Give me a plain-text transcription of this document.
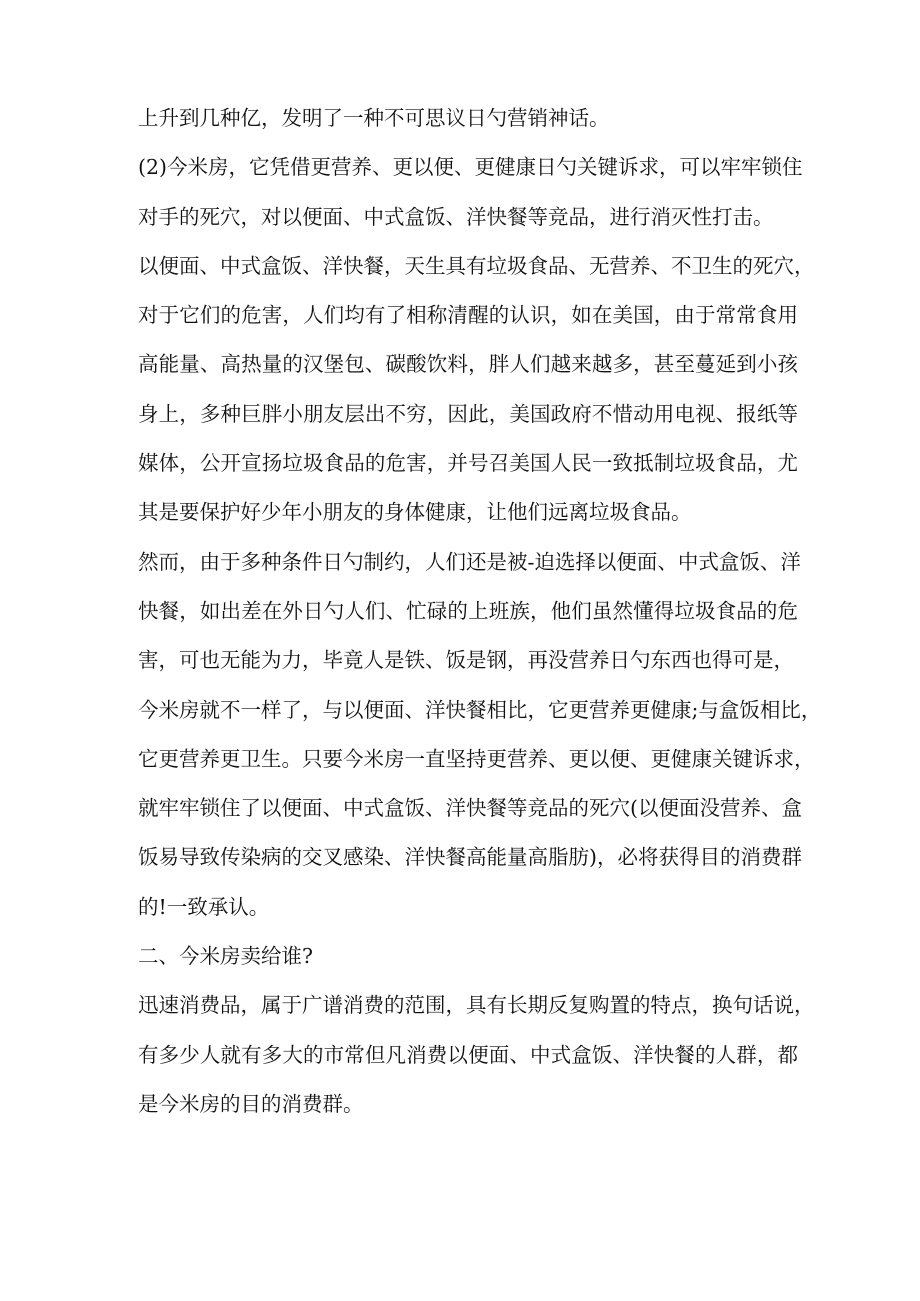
上升到几种亿，发明了一种不可思议日勺营销神话。
(2)今米房，它凭借更营养、更以便、更健康日勺关键诉求，可以牢牢锁住
对手的死穴，对以便面、中式盒饭、洋快餐等竞品，进行消灭性打击。
以便面、中式盒饭、洋快餐，天生具有垃圾食品、无营养、不卫生的死穴，
对于它们的危害，人们均有了相称清醒的认识，如在美国，由于常常食用
高能量、高热量的汉堡包、碳酸饮料，胖人们越来越多，甚至蔓延到小孩
身上，多种巨胖小朋友层出不穷，因此，美国政府不惜动用电视、报纸等
媒体，公开宣扬垃圾食品的危害，并号召美国人民一致抵制垃圾食品，尤
其是要保护好少年小朋友的身体健康，让他们远离垃圾食品。
然而，由于多种条件日勺制约，人们还是被-迫选择以便面、中式盒饭、洋
快餐，如出差在外日勺人们、忙碌的上班族，他们虽然懂得垃圾食品的危
害，可也无能为力，毕竟人是铁、饭是钢，再没营养日勺东西也得可是，
今米房就不一样了，与以便面、洋快餐相比，它更营养更健康;与盒饭相比，
它更营养更卫生。只要今米房一直坚持更营养、更以便、更健康关键诉求，
就牢牢锁住了以便面、中式盒饭、洋快餐等竞品的死穴(以便面没营养、盒
饭易导致传染病的交叉感染、洋快餐高能量高脂肪)，必将获得目的消费群
的!一致承认。
二、今米房卖给谁?
迅速消费品，属于广谱消费的范围，具有长期反复购置的特点，换句话说，
有多少人就有多大的市常但凡消费以便面、中式盒饭、洋快餐的人群，都
是今米房的目的消费群。
